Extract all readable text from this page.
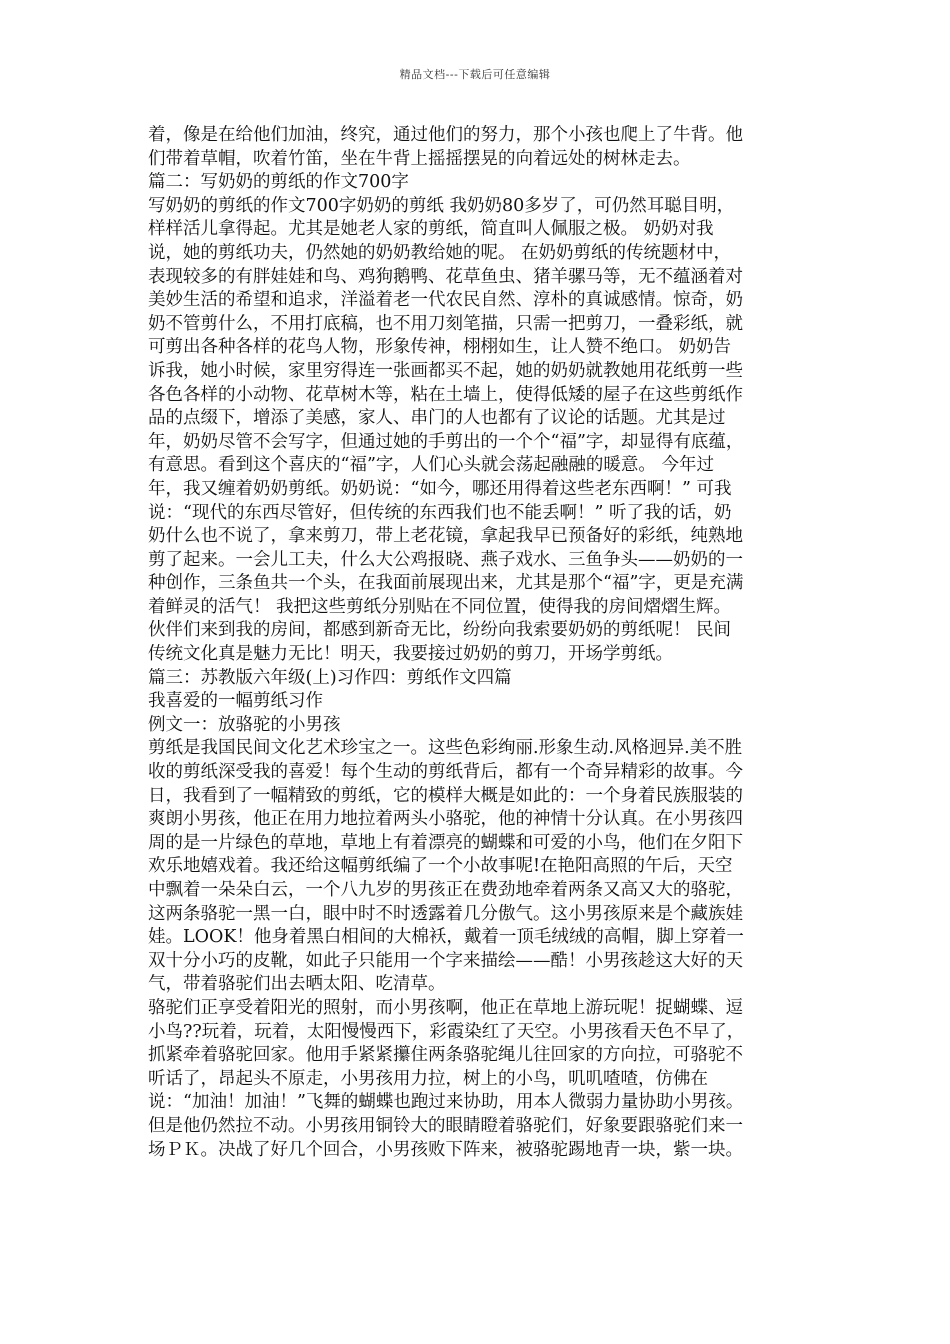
精品文档---下载后可任意编辑
着，像是在给他们加油，终究，通过他们的努力，那个小孩也爬上了牛背。他
们带着草帽，吹着竹笛，坐在牛背上摇摇摆晃的向着远处的树林走去。
篇二：写奶奶的剪纸的作文700字
写奶奶的剪纸的作文700字奶奶的剪纸 我奶奶80多岁了，可仍然耳聪目明，
样样活儿拿得起。尤其是她老人家的剪纸，简直叫人佩服之极。 奶奶对我
说，她的剪纸功夫，仍然她的奶奶教给她的呢。 在奶奶剪纸的传统题材中，
表现较多的有胖娃娃和鸟、鸡狗鹅鸭、花草鱼虫、猪羊骡马等，无不蕴涵着对
美妙生活的希望和追求，洋溢着老一代农民自然、淳朴的真诚感情。惊奇，奶
奶不管剪什么，不用打底稿，也不用刀刻笔描，只需一把剪刀，一叠彩纸，就
可剪出各种各样的花鸟人物，形象传神，栩栩如生，让人赞不绝口。 奶奶告
诉我，她小时候，家里穷得连一张画都买不起，她的奶奶就教她用花纸剪一些
各色各样的小动物、花草树木等，粘在土墙上，使得低矮的屋子在这些剪纸作
品的点缀下，增添了美感，家人、串门的人也都有了议论的话题。尤其是过
年，奶奶尽管不会写字，但通过她的手剪出的一个个“福”字，却显得有底蕴，
有意思。看到这个喜庆的“福”字，人们心头就会荡起融融的暖意。 今年过
年，我又缠着奶奶剪纸。奶奶说：“如今，哪还用得着这些老东西啊！” 可我
说：“现代的东西尽管好，但传统的东西我们也不能丢啊！” 听了我的话，奶
奶什么也不说了，拿来剪刀，带上老花镜，拿起我早已预备好的彩纸，纯熟地
剪了起来。一会儿工夫，什么大公鸡报晓、燕子戏水、三鱼争头——奶奶的一
种创作，三条鱼共一个头，在我面前展现出来，尤其是那个“福”字，更是充满
着鲜灵的活气！ 我把这些剪纸分别贴在不同位置，使得我的房间熠熠生辉。
伙伴们来到我的房间，都感到新奇无比，纷纷向我索要奶奶的剪纸呢！ 民间
传统文化真是魅力无比！明天，我要接过奶奶的剪刀，开场学剪纸。
篇三：苏教版六年级(上)习作四：剪纸作文四篇
我喜爱的一幅剪纸习作
例文一：放骆驼的小男孩
剪纸是我国民间文化艺术珍宝之一。这些色彩绚丽.形象生动.风格迥异.美不胜
收的剪纸深受我的喜爱！每个生动的剪纸背后，都有一个奇异精彩的故事。今
日，我看到了一幅精致的剪纸，它的模样大概是如此的：一个身着民族服装的
爽朗小男孩，他正在用力地拉着两头小骆驼，他的神情十分认真。在小男孩四
周的是一片绿色的草地，草地上有着漂亮的蝴蝶和可爱的小鸟，他们在夕阳下
欢乐地嬉戏着。我还给这幅剪纸编了一个小故事呢!在艳阳高照的午后，天空
中飘着一朵朵白云，一个八九岁的男孩正在费劲地牵着两条又高又大的骆驼，
这两条骆驼一黑一白，眼中时不时透露着几分傲气。这小男孩原来是个藏族娃
娃。LOOK！他身着黑白相间的大棉袄，戴着一顶毛绒绒的高帽，脚上穿着一
双十分小巧的皮靴，如此子只能用一个字来描绘——酷！小男孩趁这大好的天
气，带着骆驼们出去晒太阳、吃清草。
骆驼们正享受着阳光的照射，而小男孩啊，他正在草地上游玩呢！捉蝴蝶、逗
小鸟??玩着，玩着，太阳慢慢西下，彩霞染红了天空。小男孩看天色不早了，
抓紧牵着骆驼回家。他用手紧紧攥住两条骆驼绳儿往回家的方向拉，可骆驼不
听话了，昂起头不原走，小男孩用力拉，树上的小鸟，叽叽喳喳，仿佛在
说：“加油！加油！”飞舞的蝴蝶也跑过来协助，用本人微弱力量协助小男孩。
但是他仍然拉不动。小男孩用铜铃大的眼睛瞪着骆驼们，好象要跟骆驼们来一
场ＰＫ。决战了好几个回合，小男孩败下阵来，被骆驼踢地青一块，紫一块。
